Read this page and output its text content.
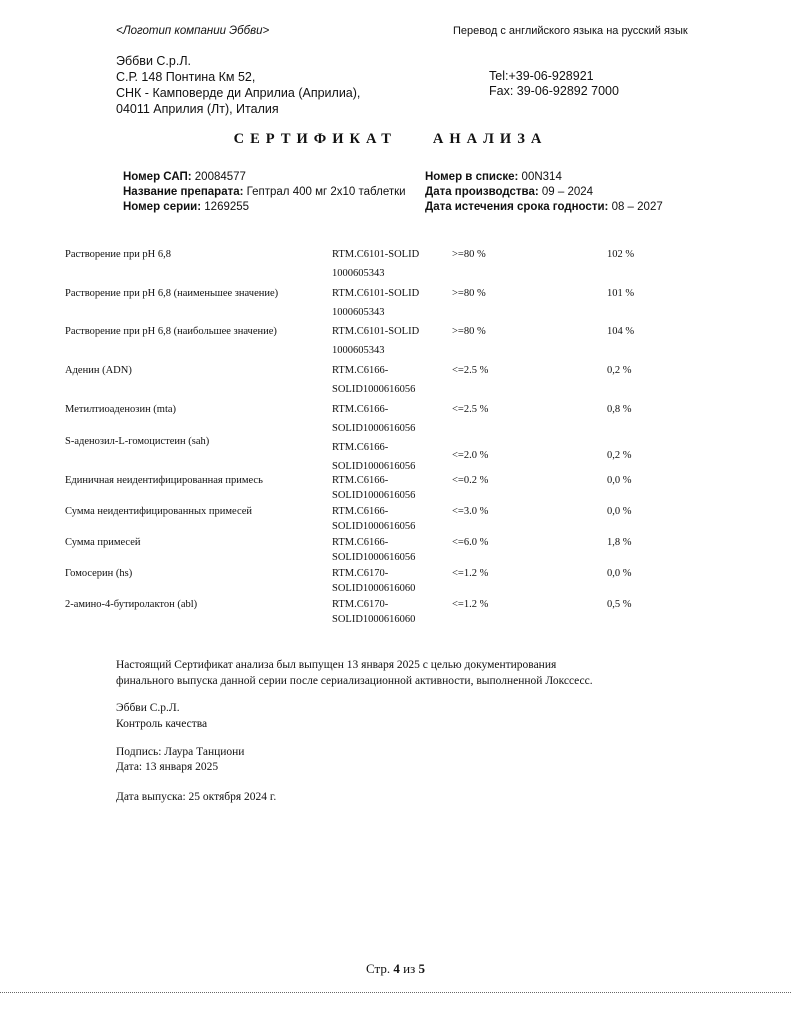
<Логотип компании Эббви>	Перевод с английского языка на русский язык
Эббви С.р.Л.
С.Р. 148 Понтина Км 52,
СНК - Камповерде ди Априлиа (Априлиа),
04011 Априлия (Лт), Италия
Tel:+39-06-928921
Fax: 39-06-92892 7000
СЕРТИФИКАТ АНАЛИЗА
Номер САП: 20084577
Название препарата: Гептрал 400 мг 2x10 таблетки
Номер серии: 1269255
Номер в списке: 00N314
Дата производства: 09 – 2024
Дата истечения срока годности: 08 – 2027
Растворение при рН 6,8	RTM.C6101-SOLID
1000605343
>=80 %	102 %
Растворение при рН 6,8 (наименьшее значение)	RTM.C6101-SOLID
1000605343
>=80 %	101 %
Растворение при рН 6,8 (наибольшее значение)	RTM.C6101-SOLID
1000605343
>=80 %	104 %
Аденин (ADN)	RTM.C6166-
SOLID1000616056
<=2.5 %	0,2 %
Метилтиоаденозин (mta)	RTM.C6166-
SOLID1000616056
<=2.5 %	0,8 %
S-аденозил-L-гомоцистеин (sah)
RTM.C6166-
SOLID1000616056
<=2.0 %	0,2 %
Единичная неидентифицированная примесь	RTM.C6166-
SOLID1000616056
<=0.2 %	0,0 %
Сумма неидентифицированных примесей	RTM.C6166-
SOLID1000616056
<=3.0 %	0,0 %
Сумма примесей	RTM.C6166-
SOLID1000616056
<=6.0 %	1,8 %
Гомосерин (hs)	RTM.C6170-
SOLID1000616060
<=1.2 %	0,0 %
2-амино-4-бутиролактон (abl)	RTM.C6170-
SOLID1000616060
<=1.2 %	0,5 %
Настоящий Сертификат анализа был выпущен 13 января 2025 с целью документирования
финального выпуска данной серии после сериализационной активности, выполненной Локсcесс.
Эббви С.р.Л.
Контроль качества
Подпись: Лаура Танциони
Дата: 13 января 2025
Дата выпуска: 25 октября 2024 г.
Стр. 4 из 5
